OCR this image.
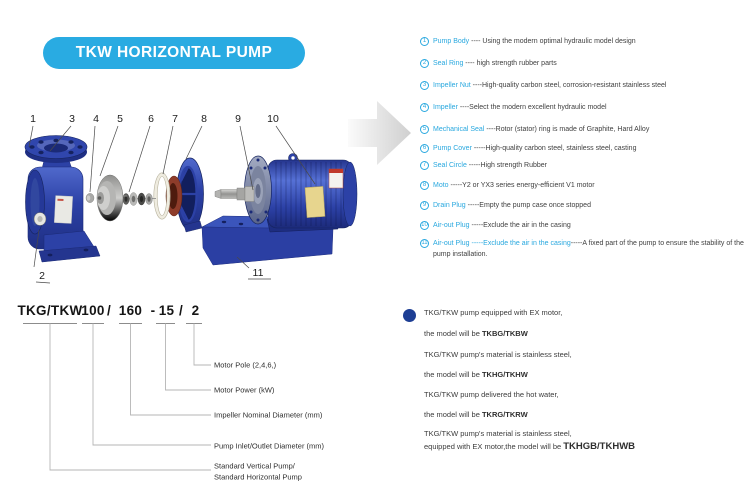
TKW HORIZONTAL PUMP
1	3 4 5 6 7 8	9 10
2	11
1 Pump Body ---- Using the modern optimal hydraulic model design
2 Seal Ring ---- high strength rubber parts
3 Impeller Nut ----High-quality carbon steel, corrosion-resistant stainless steel
4 Impeller ----Select the modern excellent hydraulic model
5 Mechanical Seal ----Rotor (stator) ring is made of Graphite, Hard Alloy
6 Pump Cover -----High-quality carbon steel, stainless steel, casting
7 Seal Circle -----High strength Rubber
8 Moto -----Y2 or YX3 series energy-efficient V1 motor
9 Drain Plug -----Empty the pump case once stopped
10 Air-out Plug -----Exclude the air in the casing
11 Air-out Plug -----Exclude the air in the casing-----A fixed part of the pump to ensure the stability of the pump installation.
TKG/TKW
100 / 160 - 15 / 2
Motor Pole (2,4,6,)
Motor Power (kW)
Impeller Nominal Diameter (mm)
Pump Inlet/Outlet Diameter (mm)
Standard Vertical Pump/
Standard Horizontal Pump
TKG/TKW pump equipped with EX motor,
the model will be TKBG/TKBW
TKG/TKW pump's material is stainless steel,
the model will be TKHG/TKHW
TKG/TKW pump delivered the hot water,
the model will be TKRG/TKRW
TKG/TKW pump's material is stainless steel,
equipped with EX motor,the model will be TKHGB/TKHWB
